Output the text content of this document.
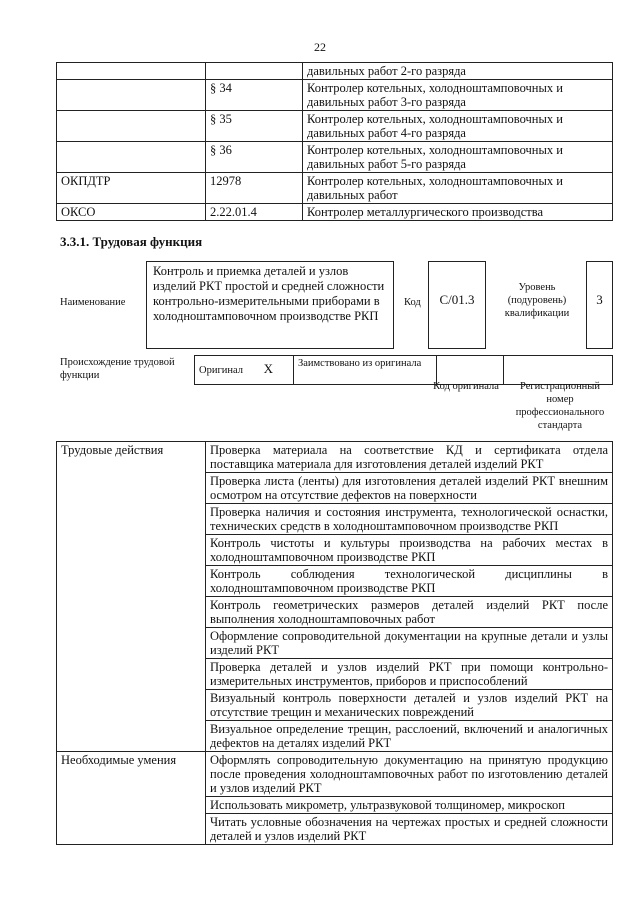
22
		давильных работ 2-го разряда
	§ 34	Контролер котельных, холодноштамповочных и давильных работ 3-го разряда
	§ 35	Контролер котельных, холодноштамповочных и давильных работ 4-го разряда
	§ 36	Контролер котельных, холодноштамповочных и давильных работ 5-го разряда
ОКПДТР	12978	Контролер котельных, холодноштамповочных и давильных работ
ОКСО	2.22.01.4	Контролер металлургического производства
3.3.1. Трудовая функция
Наименование
Контроль и приемка деталей и узлов изделий РКТ простой и средней сложности контрольно-измерительными приборами в холодноштамповочном производстве РКП
Код	C/01.3
Уровень (подуровень) квалификации
3
Происхождение трудовой функции	Оригинал X	Заимствовано из оригинала		
Код оригинала	Регистрационный номер профессионального стандарта
Трудовые действия	Проверка материала на соответствие КД и сертификата отдела поставщика материала для изготовления деталей изделий РКТ
	Проверка листа (ленты) для изготовления деталей изделий РКТ внешним осмотром на отсутствие дефектов на поверхности
	Проверка наличия и состояния инструмента, технологической оснастки, технических средств в холодноштамповочном производстве РКП
	Контроль чистоты и культуры производства на рабочих местах в холодноштамповочном производстве РКП
	Контроль соблюдения технологической дисциплины в холодноштамповочном производстве РКП
	Контроль геометрических размеров деталей изделий РКТ после выполнения холодноштамповочных работ
	Оформление сопроводительной документации на крупные детали и узлы изделий РКТ
	Проверка деталей и узлов изделий РКТ при помощи контрольно-измерительных инструментов, приборов и приспособлений
	Визуальный контроль поверхности деталей и узлов изделий РКТ на отсутствие трещин и механических повреждений
	Визуальное определение трещин, расслоений, включений и аналогичных дефектов на деталях изделий РКТ
Необходимые умения	Оформлять сопроводительную документацию на принятую продукцию после проведения холодноштамповочных работ по изготовлению деталей и узлов изделий РКТ
	Использовать микрометр, ультразвуковой толщиномер, микроскоп
	Читать условные обозначения на чертежах простых и средней сложности деталей и узлов изделий РКТ
